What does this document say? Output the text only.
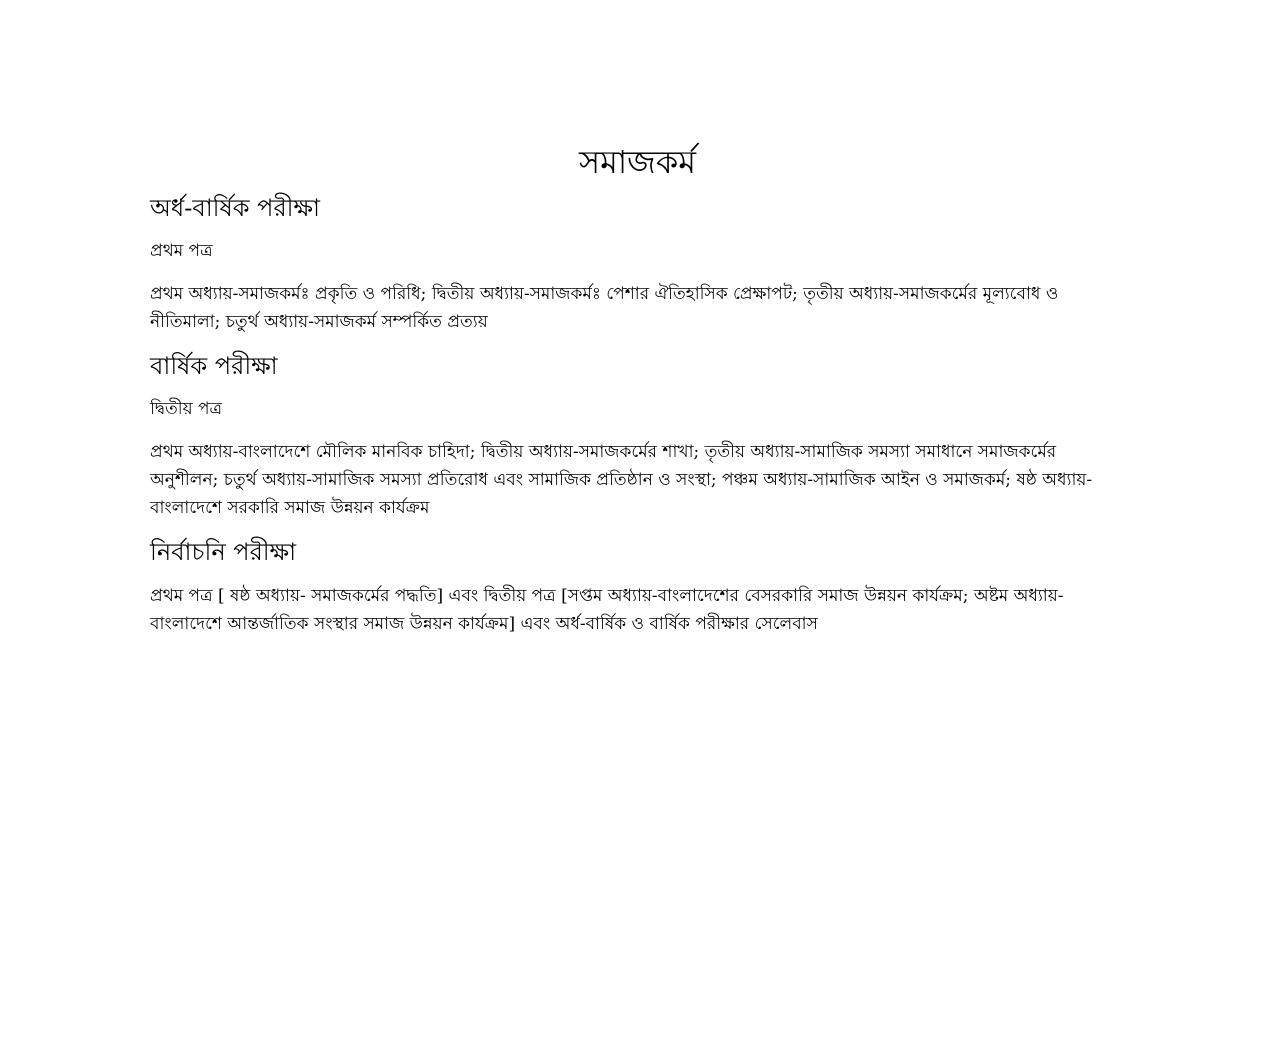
সমাজকর্ম
অর্ধ-বার্ষিক পরীক্ষা

প্রথম পত্র

প্রথম অধ্যায়-সমাজকর্মঃ প্রকৃতি ও পরিধি; দ্বিতীয় অধ্যায়-সমাজকর্মঃ পেশার ঐতিহাসিক প্রেক্ষাপট; তৃতীয় অধ্যায়-সমাজকর্মের মূল্যবোধ ও নীতিমালা; চতুর্থ অধ্যায়-সমাজকর্ম সম্পর্কিত প্রত্যয়

বার্ষিক পরীক্ষা

দ্বিতীয় পত্র

প্রথম অধ্যায়-বাংলাদেশে মৌলিক মানবিক চাহিদা; দ্বিতীয় অধ্যায়-সমাজকর্মের শাখা; তৃতীয় অধ্যায়-সামাজিক সমস্যা সমাধানে সমাজকর্মের অনুশীলন; চতুর্থ অধ্যায়-সামাজিক সমস্যা প্রতিরোধ এবং সামাজিক প্রতিষ্ঠান ও সংস্থা; পঞ্চম অধ্যায়-সামাজিক আইন ও সমাজকর্ম; ষষ্ঠ অধ্যায়-বাংলাদেশে সরকারি সমাজ উন্নয়ন কার্যক্রম

নির্বাচনি পরীক্ষা

প্রথম পত্র [ ষষ্ঠ অধ্যায়- সমাজকর্মের পদ্ধতি] এবং দ্বিতীয় পত্র [সপ্তম অধ্যায়-বাংলাদেশের বেসরকারি সমাজ উন্নয়ন কার্যক্রম; অষ্টম অধ্যায়-বাংলাদেশে আন্তর্জাতিক সংস্থার সমাজ উন্নয়ন কার্যক্রম] এবং অর্ধ-বার্ষিক ও বার্ষিক পরীক্ষার সেলেবাস
